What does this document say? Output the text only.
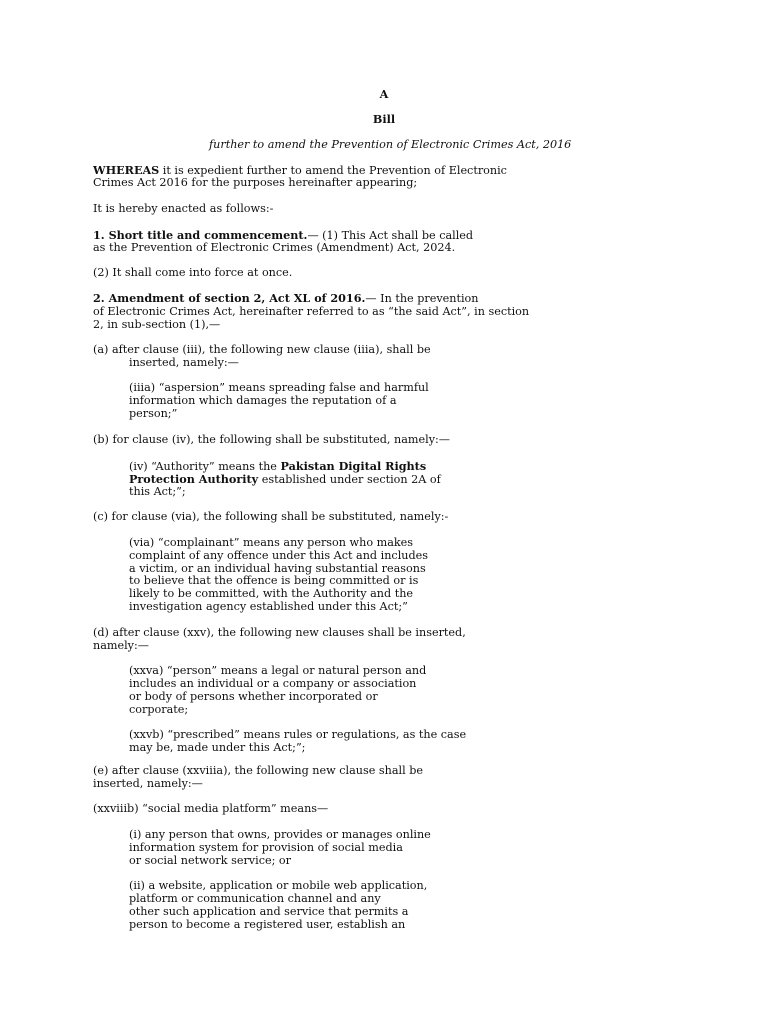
A
Bill
further to amend the Prevention of Electronic Crimes Act, 2016
WHEREAS it is expedient further to amend the Prevention of Electronic
Crimes Act 2016 for the purposes hereinafter appearing;
It is hereby enacted as follows:-
1. Short title and commencement.— (1) This Act shall be called
as the Prevention of Electronic Crimes (Amendment) Act, 2024.
(2) It shall come into force at once.
2. Amendment of section 2, Act XL of 2016.— In the prevention
of Electronic Crimes Act, hereinafter referred to as “the said Act”, in section
2, in sub-section (1),—
(a) after clause (iii), the following new clause (iiia), shall be
inserted, namely:—
(iiia) “aspersion” means spreading false and harmful
information which damages the reputation of a
person;”
(b) for clause (iv), the following shall be substituted, namely:—
(iv) “Authority” means the Pakistan Digital Rights
Protection Authority established under section 2A of
this Act;”;
(c) for clause (via), the following shall be substituted, namely:-
(via) “complainant” means any person who makes
complaint of any offence under this Act and includes
a victim, or an individual having substantial reasons
to believe that the offence is being committed or is
likely to be committed, with the Authority and the
investigation agency established under this Act;”
(d) after clause (xxv), the following new clauses shall be inserted,
namely:—
(xxva) “person” means a legal or natural person and
includes an individual or a company or association
or body of persons whether incorporated or
corporate;
(xxvb) “prescribed” means rules or regulations, as the case
may be, made under this Act;”;
(e) after clause (xxviiia), the following new clause shall be
inserted, namely:—
(xxviiib) “social media platform” means—
(i) any person that owns, provides or manages online
information system for provision of social media
or social network service; or
(ii) a website, application or mobile web application,
platform or communication channel and any
other such application and service that permits a
person to become a registered user, establish an
